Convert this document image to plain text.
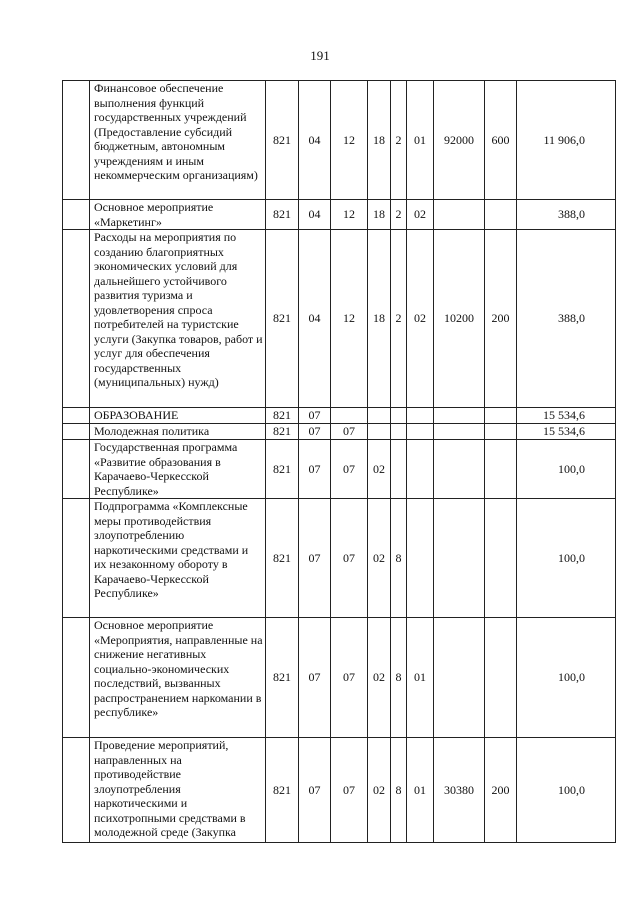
191
	Финансовое обеспечение выполнения функций государственных учреждений (Предоставление субсидий бюджетным, автономным учреждениям и иным некоммерческим организациям)	821	04	12	18	2	01	92000	600	11 906,0
	Основное мероприятие «Маркетинг»	821	04	12	18	2	02			388,0
	Расходы на мероприятия по созданию благоприятных экономических условий для дальнейшего устойчивого развития туризма и удовлетворения спроса потребителей на туристские услуги (Закупка товаров, работ и услуг для обеспечения государственных (муниципальных) нужд)	821	04	12	18	2	02	10200	200	388,0
	ОБРАЗОВАНИЕ	821	07							15 534,6
	Молодежная политика	821	07	07						15 534,6
	Государственная программа «Развитие образования в Карачаево-Черкесской Республике»	821	07	07	02					100,0
	Подпрограмма «Комплексные меры противодействия злоупотреблению наркотическими средствами и их незаконному обороту в Карачаево-Черкесской Республике»	821	07	07	02	8				100,0
	Основное мероприятие «Мероприятия, направленные на снижение негативных социально-экономических последствий, вызванных распространением наркомании в республике»	821	07	07	02	8	01			100,0
	Проведение мероприятий, направленных на противодействие злоупотребления наркотическими и психотропными средствами в молодежной среде (Закупка	821	07	07	02	8	01	30380	200	100,0
